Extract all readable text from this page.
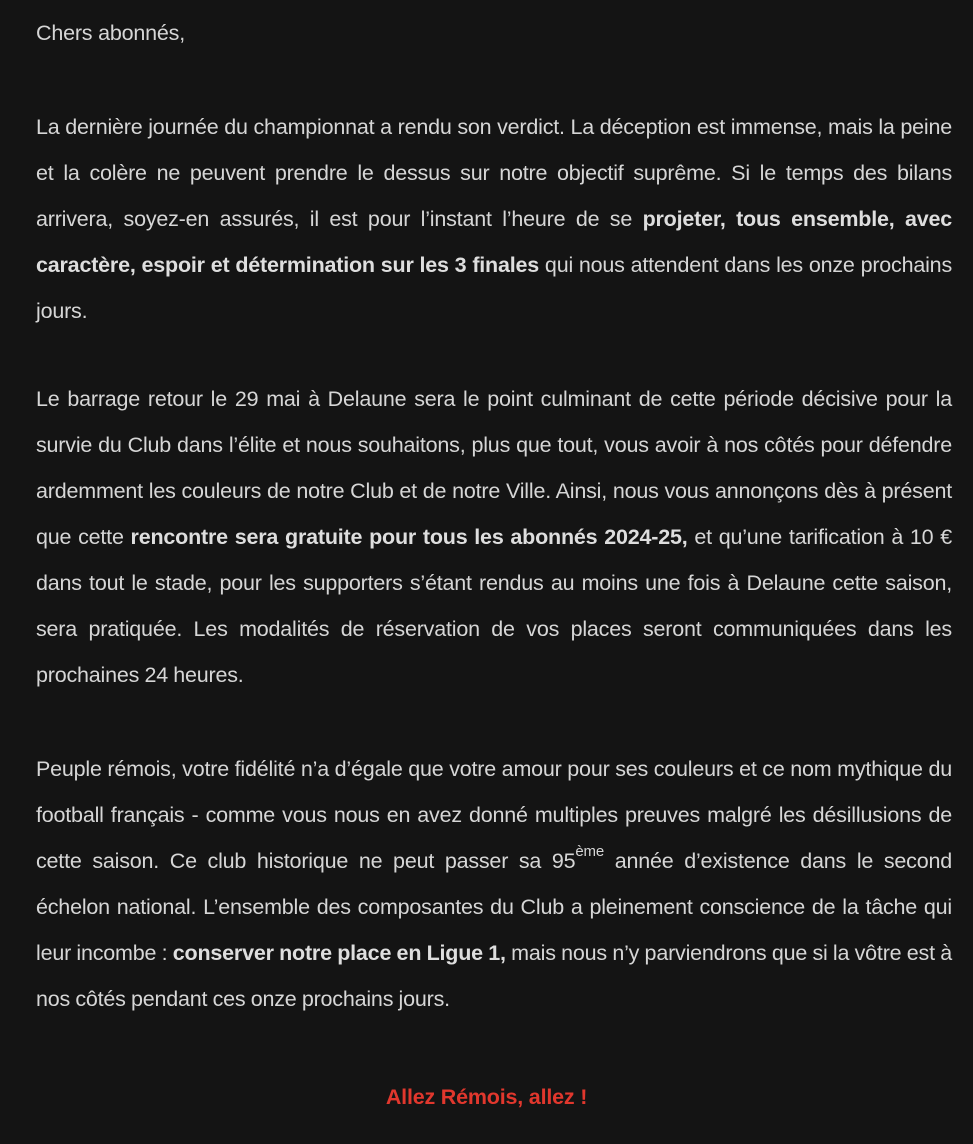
Chers abonnés,

La dernière journée du championnat a rendu son verdict. La déception est immense, mais la peine et la colère ne peuvent prendre le dessus sur notre objectif suprême. Si le temps des bilans arrivera, soyez-en assurés, il est pour l’instant l’heure de se projeter, tous ensemble, avec caractère, espoir et détermination sur les 3 finales qui nous attendent dans les onze prochains jours.

Le barrage retour le 29 mai à Delaune sera le point culminant de cette période décisive pour la survie du Club dans l’élite et nous souhaitons, plus que tout, vous avoir à nos côtés pour défendre ardemment les couleurs de notre Club et de notre Ville. Ainsi, nous vous annonçons dès à présent que cette rencontre sera gratuite pour tous les abonnés 2024-25, et qu’une tarification à 10 € dans tout le stade, pour les supporters s’étant rendus au moins une fois à Delaune cette saison, sera pratiquée. Les modalités de réservation de vos places seront communiquées dans les prochaines 24 heures.

Peuple rémois, votre fidélité n’a d’égale que votre amour pour ses couleurs et ce nom mythique du football français - comme vous nous en avez donné multiples preuves malgré les désillusions de cette saison. Ce club historique ne peut passer sa 95ème année d’existence dans le second échelon national. L’ensemble des composantes du Club a pleinement conscience de la tâche qui leur incombe : conserver notre place en Ligue 1, mais nous n’y parviendrons que si la vôtre est à nos côtés pendant ces onze prochains jours.

Allez Rémois, allez !
